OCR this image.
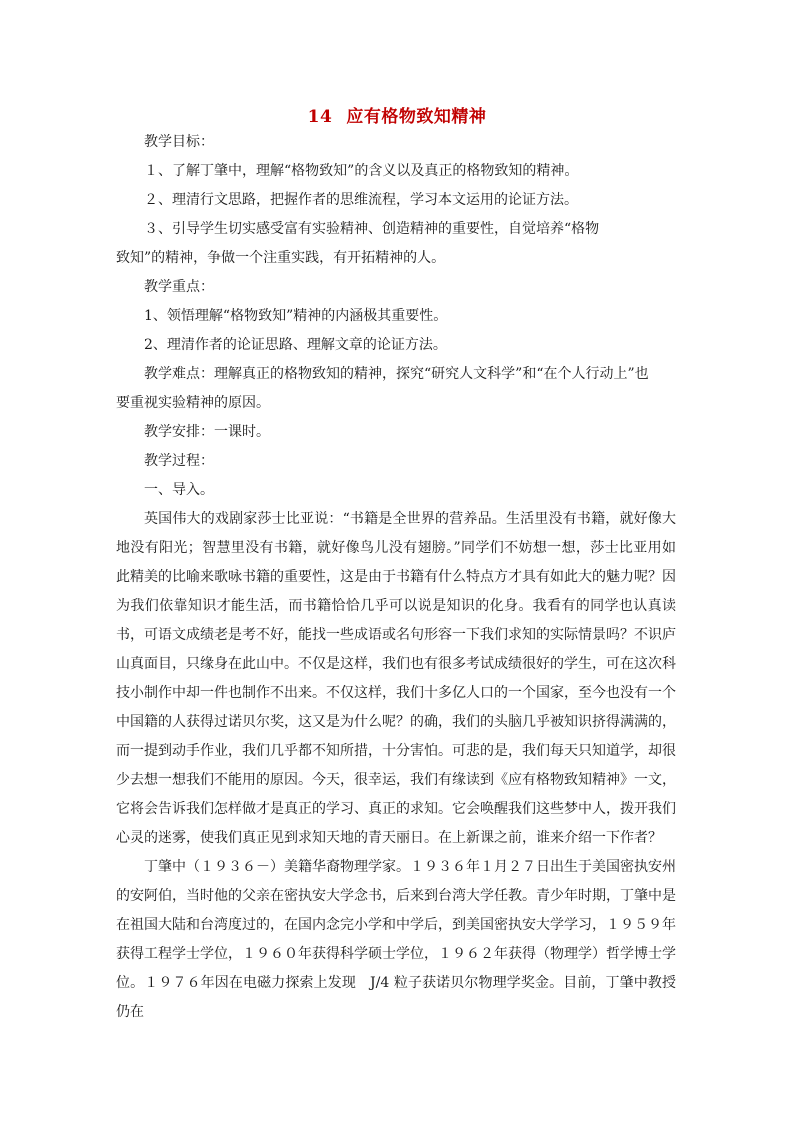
14 应有格物致知精神
教学目标：
１、了解丁肇中，理解“格物致知”的含义以及真正的格物致知的精神。
２、理清行文思路，把握作者的思维流程，学习本文运用的论证方法。
３、引导学生切实感受富有实验精神、创造精神的重要性，自觉培养“格物
致知”的精神，争做一个注重实践，有开拓精神的人。
教学重点：
1、领悟理解“格物致知”精神的内涵极其重要性。
2、理清作者的论证思路、理解文章的论证方法。
教学难点：理解真正的格物致知的精神，探究“研究人文科学”和“在个人行动上”也
要重视实验精神的原因。
教学安排：一课时。
教学过程：
一、导入。

英国伟大的戏剧家莎士比亚说：“书籍是全世界的营养品。生活里没有书籍，就好像大地没有阳光；智慧里没有书籍，就好像鸟儿没有翅膀。”同学们不妨想一想，莎士比亚用如此精美的比喻来歌咏书籍的重要性，这是由于书籍有什么特点方才具有如此大的魅力呢？因为我们依靠知识才能生活，而书籍恰恰几乎可以说是知识的化身。我看有的同学也认真读书，可语文成绩老是考不好，能找一些成语或名句形容一下我们求知的实际情景吗？不识庐山真面目，只缘身在此山中。不仅是这样，我们也有很多考试成绩很好的学生，可在这次科技小制作中却一件也制作不出来。不仅这样，我们十多亿人口的一个国家，至今也没有一个中国籍的人获得过诺贝尔奖，这又是为什么呢？的确，我们的头脑几乎被知识挤得满满的，而一提到动手作业，我们几乎都不知所措，十分害怕。可悲的是，我们每天只知道学，却很少去想一想我们不能用的原因。今天，很幸运，我们有缘读到《应有格物致知精神》一文，它将会告诉我们怎样做才是真正的学习、真正的求知。它会唤醒我们这些梦中人，拨开我们心灵的迷雾，使我们真正见到求知天地的青天丽日。在上新课之前，谁来介绍一下作者？

丁肇中（１９３６－）美籍华裔物理学家。１９３６年１月２７日出生于美国密执安州的安阿伯，当时他的父亲在密执安大学念书，后来到台湾大学任教。青少年时期，丁肇中是在祖国大陆和台湾度过的，在国内念完小学和中学后，到美国密执安大学学习，１９５９年获得工程学士学位，１９６０年获得科学硕士学位，１９６２年获得（物理学）哲学博士学位。１９７６年因在电磁力探索上发现　J/4 粒子获诺贝尔物理学奖金。目前，丁肇中教授仍在
